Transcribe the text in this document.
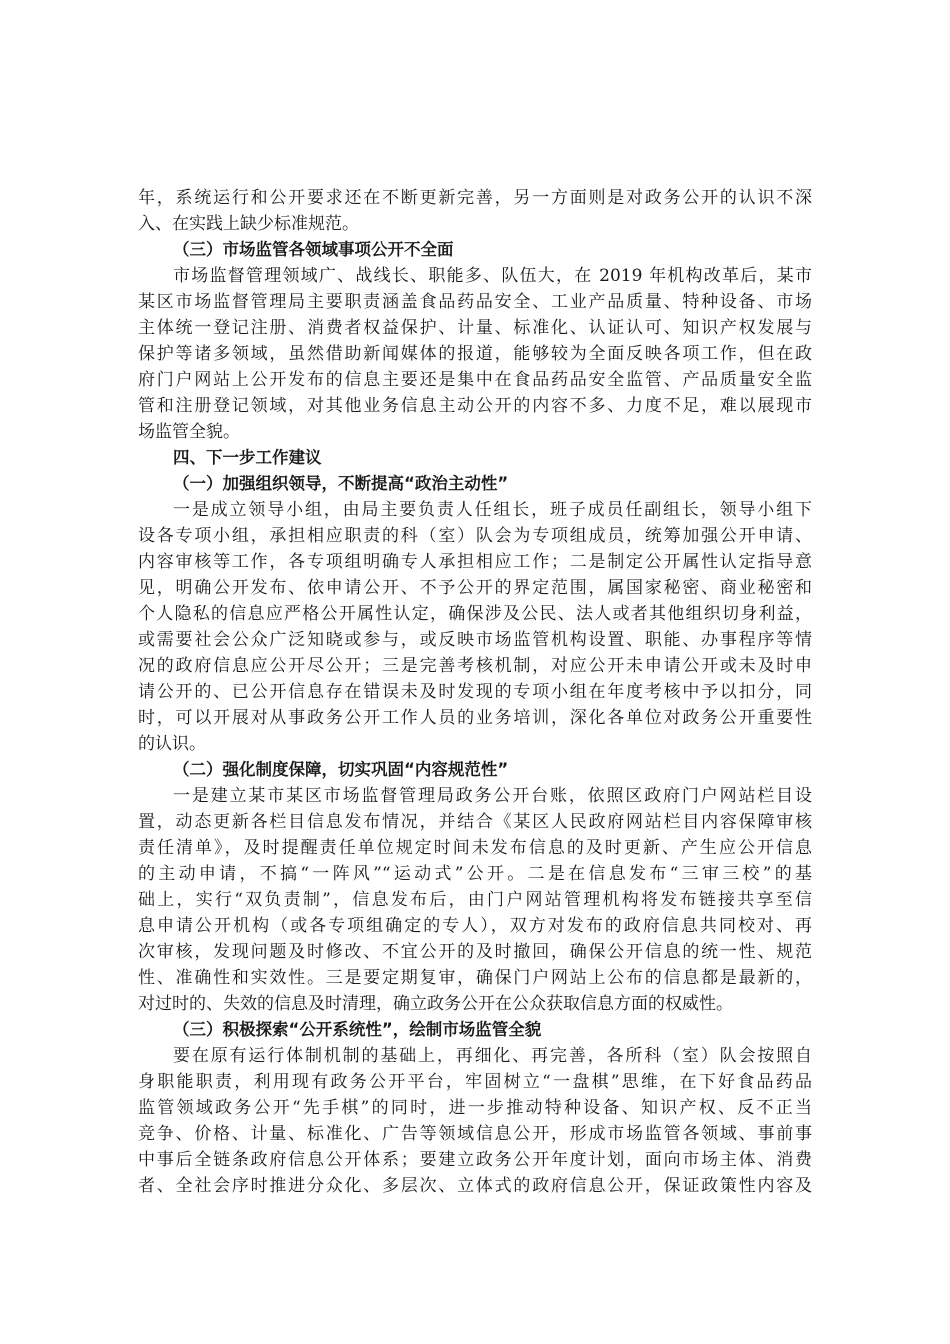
年，系统运行和公开要求还在不断更新完善，另一方面则是对政务公开的认识不深
入、在实践上缺少标准规范。
（三）市场监管各领域事项公开不全面
市场监督管理领域广、战线长、职能多、队伍大，在 2019 年机构改革后，某市
某区市场监督管理局主要职责涵盖食品药品安全、工业产品质量、特种设备、市场
主体统一登记注册、消费者权益保护、计量、标准化、认证认可、知识产权发展与
保护等诸多领域，虽然借助新闻媒体的报道，能够较为全面反映各项工作，但在政
府门户网站上公开发布的信息主要还是集中在食品药品安全监管、产品质量安全监
管和注册登记领域，对其他业务信息主动公开的内容不多、力度不足，难以展现市
场监管全貌。
四、下一步工作建议
（一）加强组织领导，不断提高“政治主动性”
一是成立领导小组，由局主要负责人任组长，班子成员任副组长，领导小组下
设各专项小组，承担相应职责的科（室）队会为专项组成员，统筹加强公开申请、
内容审核等工作，各专项组明确专人承担相应工作；二是制定公开属性认定指导意
见，明确公开发布、依申请公开、不予公开的界定范围，属国家秘密、商业秘密和
个人隐私的信息应严格公开属性认定，确保涉及公民、法人或者其他组织切身利益，
或需要社会公众广泛知晓或参与，或反映市场监管机构设置、职能、办事程序等情
况的政府信息应公开尽公开；三是完善考核机制，对应公开未申请公开或未及时申
请公开的、已公开信息存在错误未及时发现的专项小组在年度考核中予以扣分，同
时，可以开展对从事政务公开工作人员的业务培训，深化各单位对政务公开重要性
的认识。
（二）强化制度保障，切实巩固“内容规范性”
一是建立某市某区市场监督管理局政务公开台账，依照区政府门户网站栏目设
置，动态更新各栏目信息发布情况，并结合《某区人民政府网站栏目内容保障审核
责任清单》，及时提醒责任单位规定时间未发布信息的及时更新、产生应公开信息
的主动申请，不搞“一阵风”“运动式”公开。二是在信息发布“三审三校”的基
础上，实行“双负责制”，信息发布后，由门户网站管理机构将发布链接共享至信
息申请公开机构（或各专项组确定的专人），双方对发布的政府信息共同校对、再
次审核，发现问题及时修改、不宜公开的及时撤回，确保公开信息的统一性、规范
性、准确性和实效性。三是要定期复审，确保门户网站上公布的信息都是最新的，
对过时的、失效的信息及时清理，确立政务公开在公众获取信息方面的权威性。
（三）积极探索“公开系统性”，绘制市场监管全貌
要在原有运行体制机制的基础上，再细化、再完善，各所科（室）队会按照自
身职能职责，利用现有政务公开平台，牢固树立“一盘棋”思维，在下好食品药品
监管领域政务公开“先手棋”的同时，进一步推动特种设备、知识产权、反不正当
竞争、价格、计量、标准化、广告等领域信息公开，形成市场监管各领域、事前事
中事后全链条政府信息公开体系；要建立政务公开年度计划，面向市场主体、消费
者、全社会序时推进分众化、多层次、立体式的政府信息公开，保证政策性内容及
